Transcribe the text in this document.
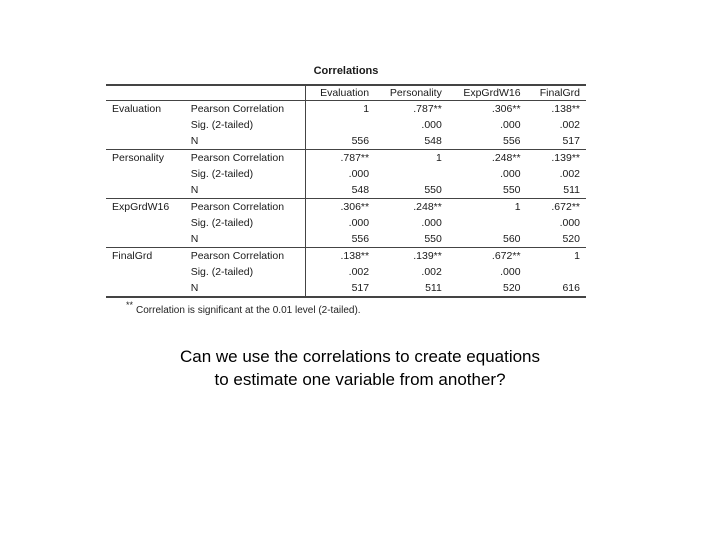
Correlations
		Evaluation	Personality	ExpGrdW16	FinalGrd
Evaluation	Pearson Correlation	1	.787**	.306**	.138**
	Sig. (2-tailed)		.000	.000	.002
	N	556	548	556	517
Personality	Pearson Correlation	.787**	1	.248**	.139**
	Sig. (2-tailed)	.000		.000	.002
	N	548	550	550	511
ExpGrdW16	Pearson Correlation	.306**	.248**	1	.672**
	Sig. (2-tailed)	.000	.000		.000
	N	556	550	560	520
FinalGrd	Pearson Correlation	.138**	.139**	.672**	1
	Sig. (2-tailed)	.002	.002	.000	
	N	517	511	520	616
** Correlation is significant at the 0.01 level (2-tailed).
Can we use the correlations to create equations
to estimate one variable from another?
